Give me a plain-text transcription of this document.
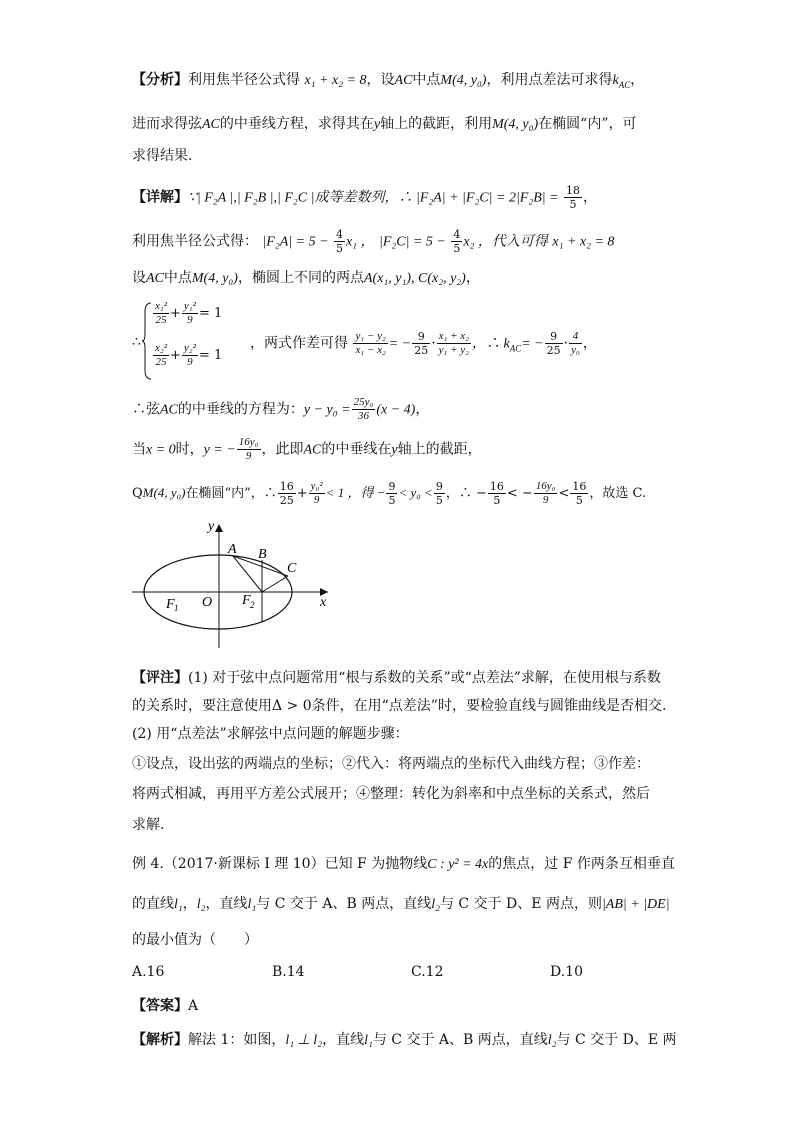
【分析】利用焦半径公式得 x₁ + x₂ = 8，设AC中点M(4, y₀)，利用点差法可求得$k_{AC}$，
进而求得弦AC的中垂线方程，求得其在y轴上的截距，利用M(4, y₀)在椭圆“内”，可
求得结果.
【详解】∵| F₂A |,| F₂B |,| F₂C |成等差数列，∴ $|F_2A| + |F_2C| = 2|F_2B| = \frac{18}{5}$ ，
利用焦半径公式得： $|F_2A| = 5 - \frac{4}{5} x_1$ ， $|F_2C| = 5 - \frac{4}{5} x_2$ ，代入可得 x₁ + x₂ = 8
设AC中点M(4, y₀)，椭圆上不同的两点A(x₁, y₁), C(x₂, y₂)，
∴
$\frac{\text{x₁²}}{25} + \frac{\text{y₁²}}{9} = 1$
$\frac{\text{x₂²}}{25} + \frac{\text{y₂²}}{9} = 1$
，两式作差可得 $\frac{\text{y₁ − y₂}}{\text{x₁ − x₂}}$ = − $\frac{9}{25} \cdot \frac{\text{x₁ + x₂}}{\text{y₁ + y₂}}$ ，∴ $k_{AC}= - \frac{9}{25} \cdot \frac{4}{\text{y₀}}$ ，
∴弦AC的中垂线的方程为：$y - y_0 = \frac{\text{25y₀}}{36} (x - 4)$，
当x = 0时，y = − $\frac{\text{16y₀}}{9}$ ，此即AC的中垂线在y轴上的截距，
QM(4, y₀)在椭圆“内”，∴ $\frac{16}{25} + \frac{\text{y₀²}}{9} < 1$ ，得 − $\frac{9}{5} < y_0 < \frac{9}{5}$ ，∴ − $\frac{16}{5}$ < − $\frac{\text{16y₀}}{9} < \frac{16}{5}$ ，故选 C.
y
x
A B
C
F 1 O F 2
【评注】(1) 对于弦中点问题常用“根与系数的关系”或“点差法”求解，在使用根与系数
的关系时，要注意使用Δ > 0条件，在用“点差法”时，要检验直线与圆锥曲线是否相交.
(2) 用“点差法”求解弦中点问题的解题步骤：
①设点，设出弦的两端点的坐标；②代入：将两端点的坐标代入曲线方程；③作差：
将两式相减，再用平方差公式展开；④整理：转化为斜率和中点坐标的关系式，然后
求解.
例 4.（2017·新课标 I 理 10）已知 F 为抛物线C : y² = 4x的焦点，过 F 作两条互相垂直
的直线l₁，l₂，直线l₁与 C 交于 A、B 两点，直线l₂与 C 交于 D、E 两点，则|AB| + |DE|
的最小值为（　　）
A.16	B.14	C.12	D.10
【答案】A
【解析】解法 1：如图，l₁ ⊥ l₂，直线l₁与 C 交于 A、B 两点，直线l₂与 C 交于 D、E 两
